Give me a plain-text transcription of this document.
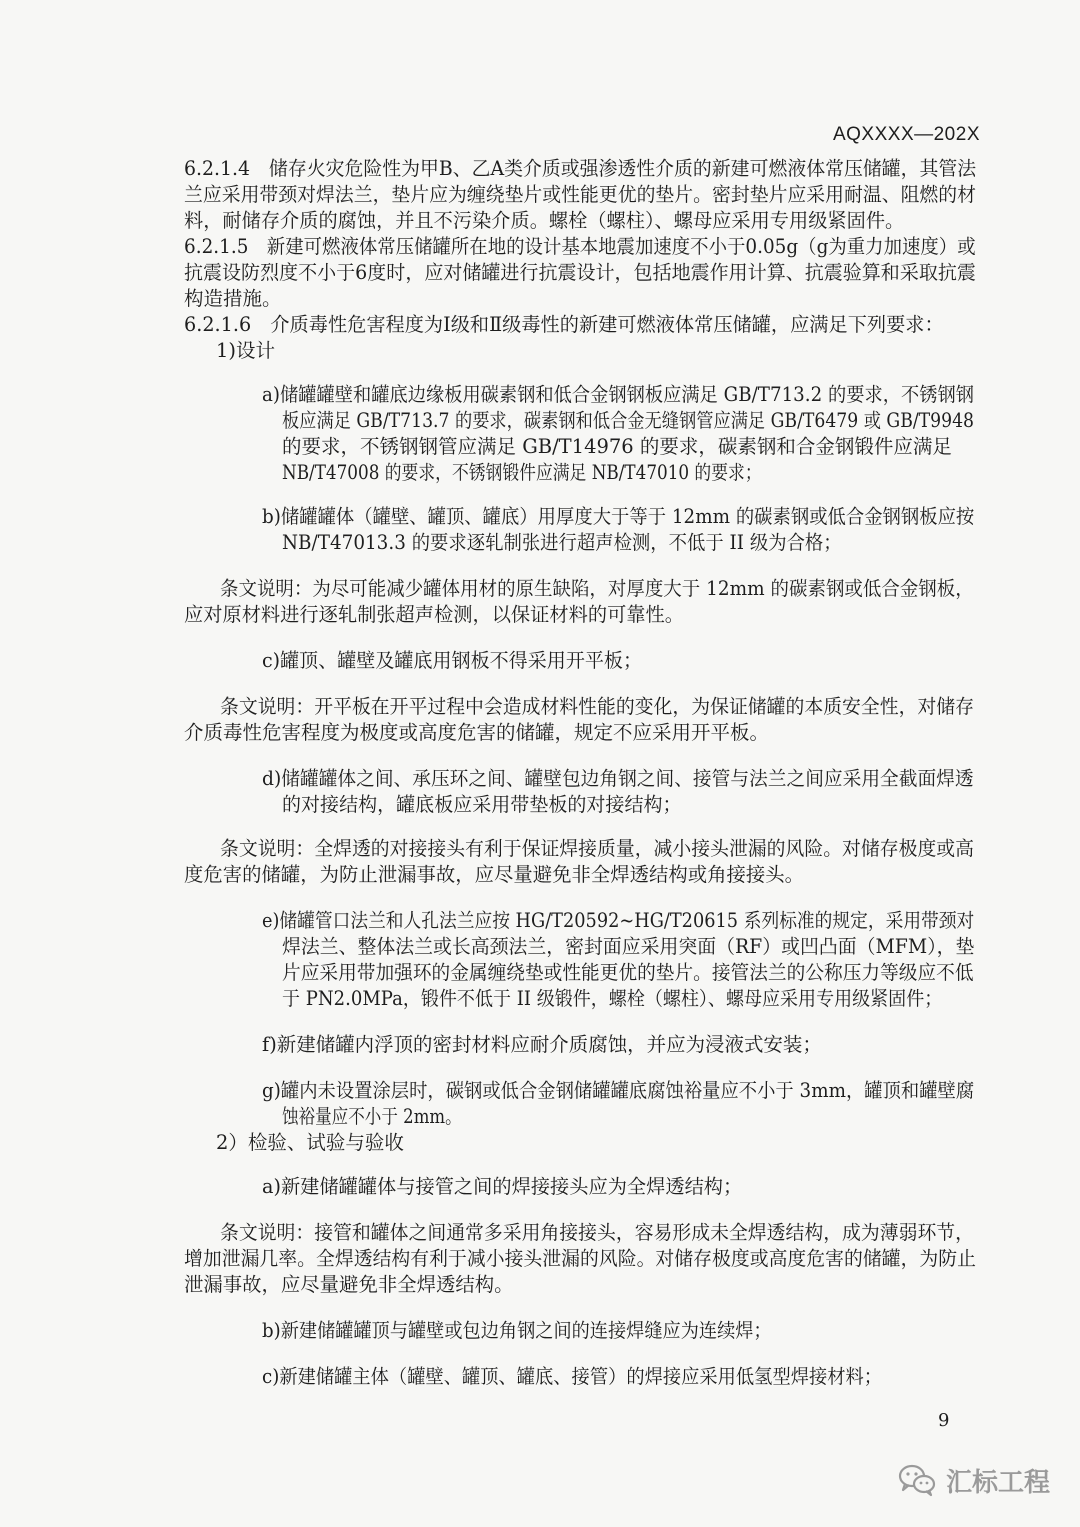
AQXXXX—202X
6.2.1.4　储存火灾危险性为甲B、乙A类介质或强渗透性介质的新建可燃液体常压储罐，其管法
兰应采用带颈对焊法兰，垫片应为缠绕垫片或性能更优的垫片。密封垫片应采用耐温、阻燃的材
料，耐储存介质的腐蚀，并且不污染介质。螺栓（螺柱）、螺母应采用专用级紧固件。
6.2.1.5　新建可燃液体常压储罐所在地的设计基本地震加速度不小于0.05g（g为重力加速度）或
抗震设防烈度不小于6度时，应对储罐进行抗震设计，包括地震作用计算、抗震验算和采取抗震
构造措施。
6.2.1.6　介质毒性危害程度为Ⅰ级和Ⅱ级毒性的新建可燃液体常压储罐，应满足下列要求：
1)设计
a)储罐罐壁和罐底边缘板用碳素钢和低合金钢钢板应满足 GB/T713.2 的要求，不锈钢钢
板应满足 GB/T713.7 的要求，碳素钢和低合金无缝钢管应满足 GB/T6479 或 GB/T9948
的要求，不锈钢钢管应满足 GB/T14976 的要求，碳素钢和合金钢锻件应满足
NB/T47008 的要求，不锈钢锻件应满足 NB/T47010 的要求；
b)储罐罐体（罐壁、罐顶、罐底）用厚度大于等于 12mm 的碳素钢或低合金钢钢板应按
NB/T47013.3 的要求逐轧制张进行超声检测，不低于 II 级为合格；
条文说明：为尽可能减少罐体用材的原生缺陷，对厚度大于 12mm 的碳素钢或低合金钢板，
应对原材料进行逐轧制张超声检测，以保证材料的可靠性。
c)罐顶、罐壁及罐底用钢板不得采用开平板；
条文说明：开平板在开平过程中会造成材料性能的变化，为保证储罐的本质安全性，对储存
介质毒性危害程度为极度或高度危害的储罐，规定不应采用开平板。
d)储罐罐体之间、承压环之间、罐壁包边角钢之间、接管与法兰之间应采用全截面焊透
的对接结构，罐底板应采用带垫板的对接结构；
条文说明：全焊透的对接接头有利于保证焊接质量，减小接头泄漏的风险。对储存极度或高
度危害的储罐，为防止泄漏事故，应尽量避免非全焊透结构或角接接头。
e)储罐管口法兰和人孔法兰应按 HG/T20592~HG/T20615 系列标准的规定，采用带颈对
焊法兰、整体法兰或长高颈法兰，密封面应采用突面（RF）或凹凸面（MFM），垫
片应采用带加强环的金属缠绕垫或性能更优的垫片。接管法兰的公称压力等级应不低
于 PN2.0MPa，锻件不低于 II 级锻件，螺栓（螺柱）、螺母应采用专用级紧固件；
f)新建储罐内浮顶的密封材料应耐介质腐蚀，并应为浸液式安装；
g)罐内未设置涂层时，碳钢或低合金钢储罐罐底腐蚀裕量应不小于 3mm，罐顶和罐壁腐
蚀裕量应不小于 2mm。
2）检验、试验与验收
a)新建储罐罐体与接管之间的焊接接头应为全焊透结构；
条文说明：接管和罐体之间通常多采用角接接头，容易形成未全焊透结构，成为薄弱环节，
增加泄漏几率。全焊透结构有利于减小接头泄漏的风险。对储存极度或高度危害的储罐，为防止
泄漏事故，应尽量避免非全焊透结构。
b)新建储罐罐顶与罐壁或包边角钢之间的连接焊缝应为连续焊；
c)新建储罐主体（罐壁、罐顶、罐底、接管）的焊接应采用低氢型焊接材料；
9
汇标工程
